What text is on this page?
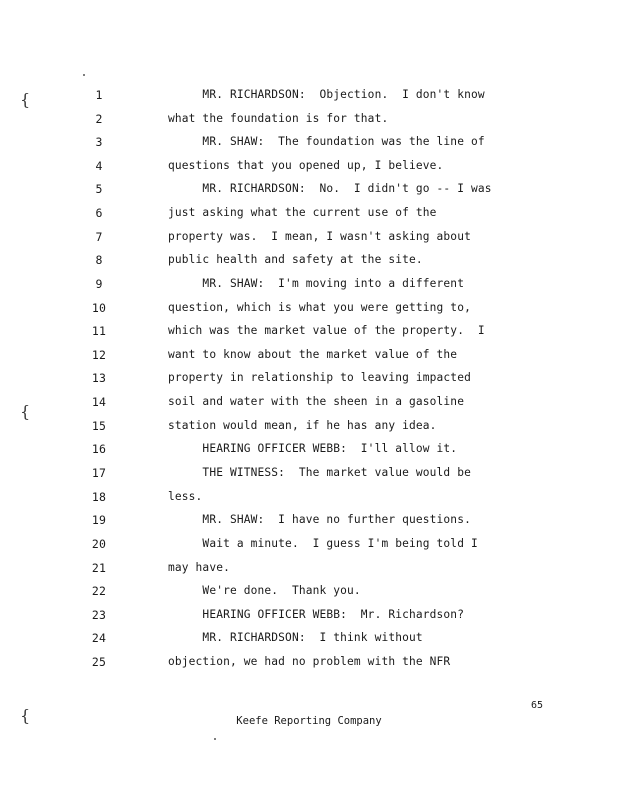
{
{
{
1
2
3
4
5
6
7
8
9
10
11
12
13
14
15
16
17
18
19
20
21
22
23
24
25
MR. RICHARDSON:  Objection.  I don't know
what the foundation is for that.
MR. SHAW:  The foundation was the line of
questions that you opened up, I believe.
MR. RICHARDSON:  No.  I didn't go -- I was
just asking what the current use of the
property was.  I mean, I wasn't asking about
public health and safety at the site.
MR. SHAW:  I'm moving into a different
question, which is what you were getting to,
which was the market value of the property.  I
want to know about the market value of the
property in relationship to leaving impacted
soil and water with the sheen in a gasoline
station would mean, if he has any idea.
HEARING OFFICER WEBB:  I'll allow it.
THE WITNESS:  The market value would be
less.
MR. SHAW:  I have no further questions.
Wait a minute.  I guess I'm being told I
may have.
We're done.  Thank you.
HEARING OFFICER WEBB:  Mr. Richardson?
MR. RICHARDSON:  I think without
objection, we had no problem with the NFR
65
Keefe Reporting Company
